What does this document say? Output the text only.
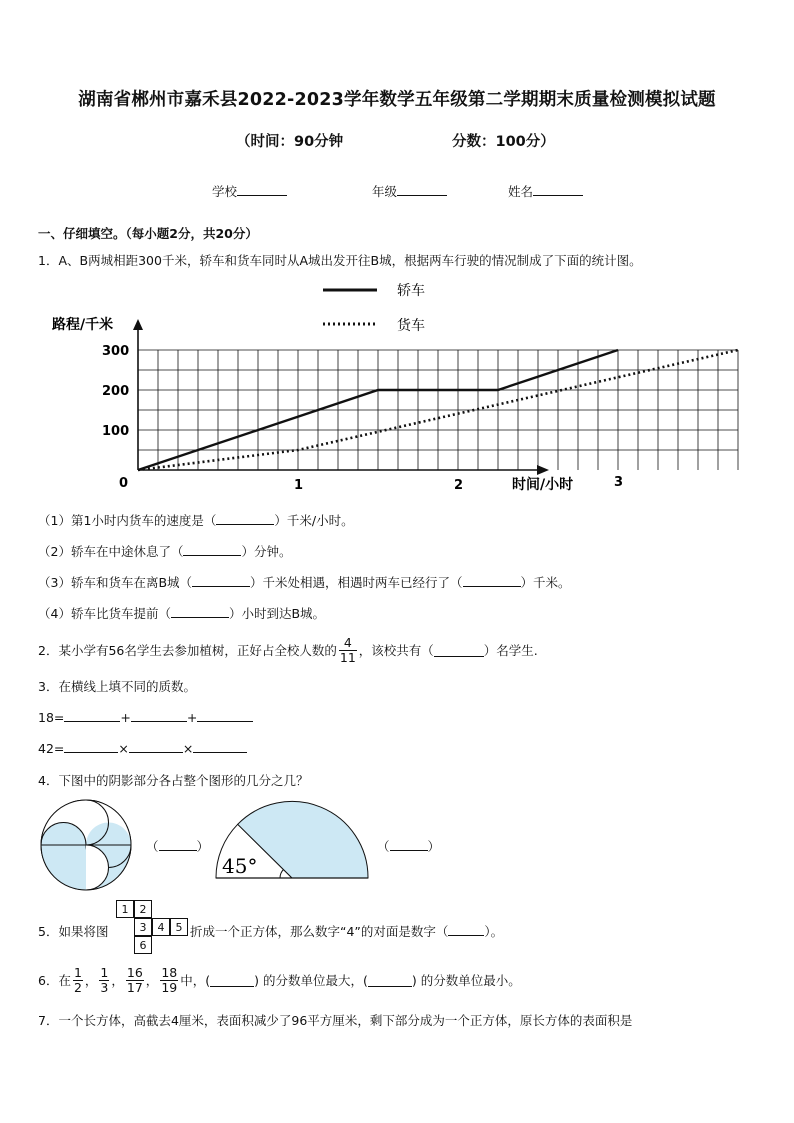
湖南省郴州市嘉禾县2022-2023学年数学五年级第二学期期末质量检测模拟试题
（时间：90分钟	分数：100分）
学校	年级	姓名
一、仔细填空。（每小题2分，共20分）
1．A、B两城相距300千米，轿车和货车同时从A城出发开往B城，根据两车行驶的情况制成了下面的统计图。
轿车
货车
路程/千米
时间/小时
0	1	2	3
100
200
300
（1）第1小时内货车的速度是（	）千米/小时。
（2）轿车在中途休息了（	）分钟。
（3）轿车和货车在离B城（	）千米处相遇，相遇时两车已经行了（	）千米。
（4）轿车比货车提前（	）小时到达B城。
2．某小学有56名学生去参加植树，正好占全校人数的 $\frac{4}{11}$ ，该校共有（	）名学生.
3．在横线上填不同的质数。
18=	+	+
42=	×	×
4．下图中的阴影部分各占整个图形的几分之几？
（	）
45°
（	）
5．如果将图
1	2
3	4	5
6
折成一个正方体，那么数字“4”的对面是数字（	）。
6．在 $\frac{1}{2}$ ， $\frac{1}{3}$ ， $\frac{16}{17}$ ， $\frac{18}{19}$ 中，(	) 的分数单位最大，(	) 的分数单位最小。
7．一个长方体，高截去4厘米，表面积减少了96平方厘米，剩下部分成为一个正方体，原长方体的表面积是
